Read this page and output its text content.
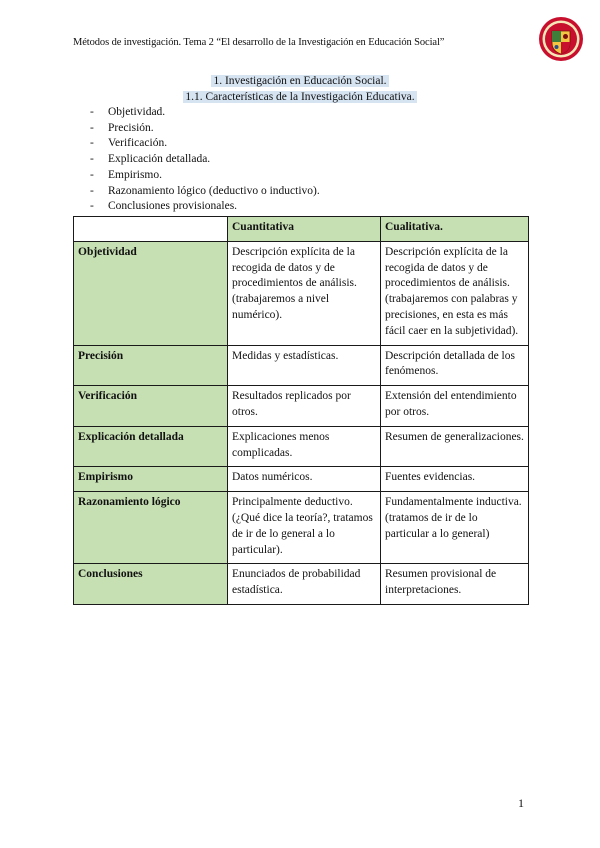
Métodos de investigación. Tema 2 “El desarrollo de la Investigación en Educación Social”
1. Investigación en Educación Social.
1.1. Características de la Investigación Educativa.
- Objetividad.
- Precisión.
- Verificación.
- Explicación detallada.
- Empirismo.
- Razonamiento lógico (deductivo o inductivo).
- Conclusiones provisionales.
	Cuantitativa	Cualitativa.
Objetividad	Descripción explícita de la recogida de datos y de procedimientos de análisis. (trabajaremos a nivel numérico).	Descripción explícita de la recogida de datos y de procedimientos de análisis. (trabajaremos con palabras y precisiones, en esta es más fácil caer en la subjetividad).
Precisión	Medidas y estadísticas.	Descripción detallada de los fenómenos.
Verificación	Resultados replicados por otros.	Extensión del entendimiento por otros.
Explicación detallada	Explicaciones menos complicadas.	Resumen de generalizaciones.
Empirismo	Datos numéricos.	Fuentes evidencias.
Razonamiento lógico	Principalmente deductivo. (¿Qué dice la teoría?, tratamos de ir de lo general a lo particular).	Fundamentalmente inductiva. (tratamos de ir de lo particular a lo general)
Conclusiones	Enunciados de probabilidad estadística.	Resumen provisional de interpretaciones.
1
